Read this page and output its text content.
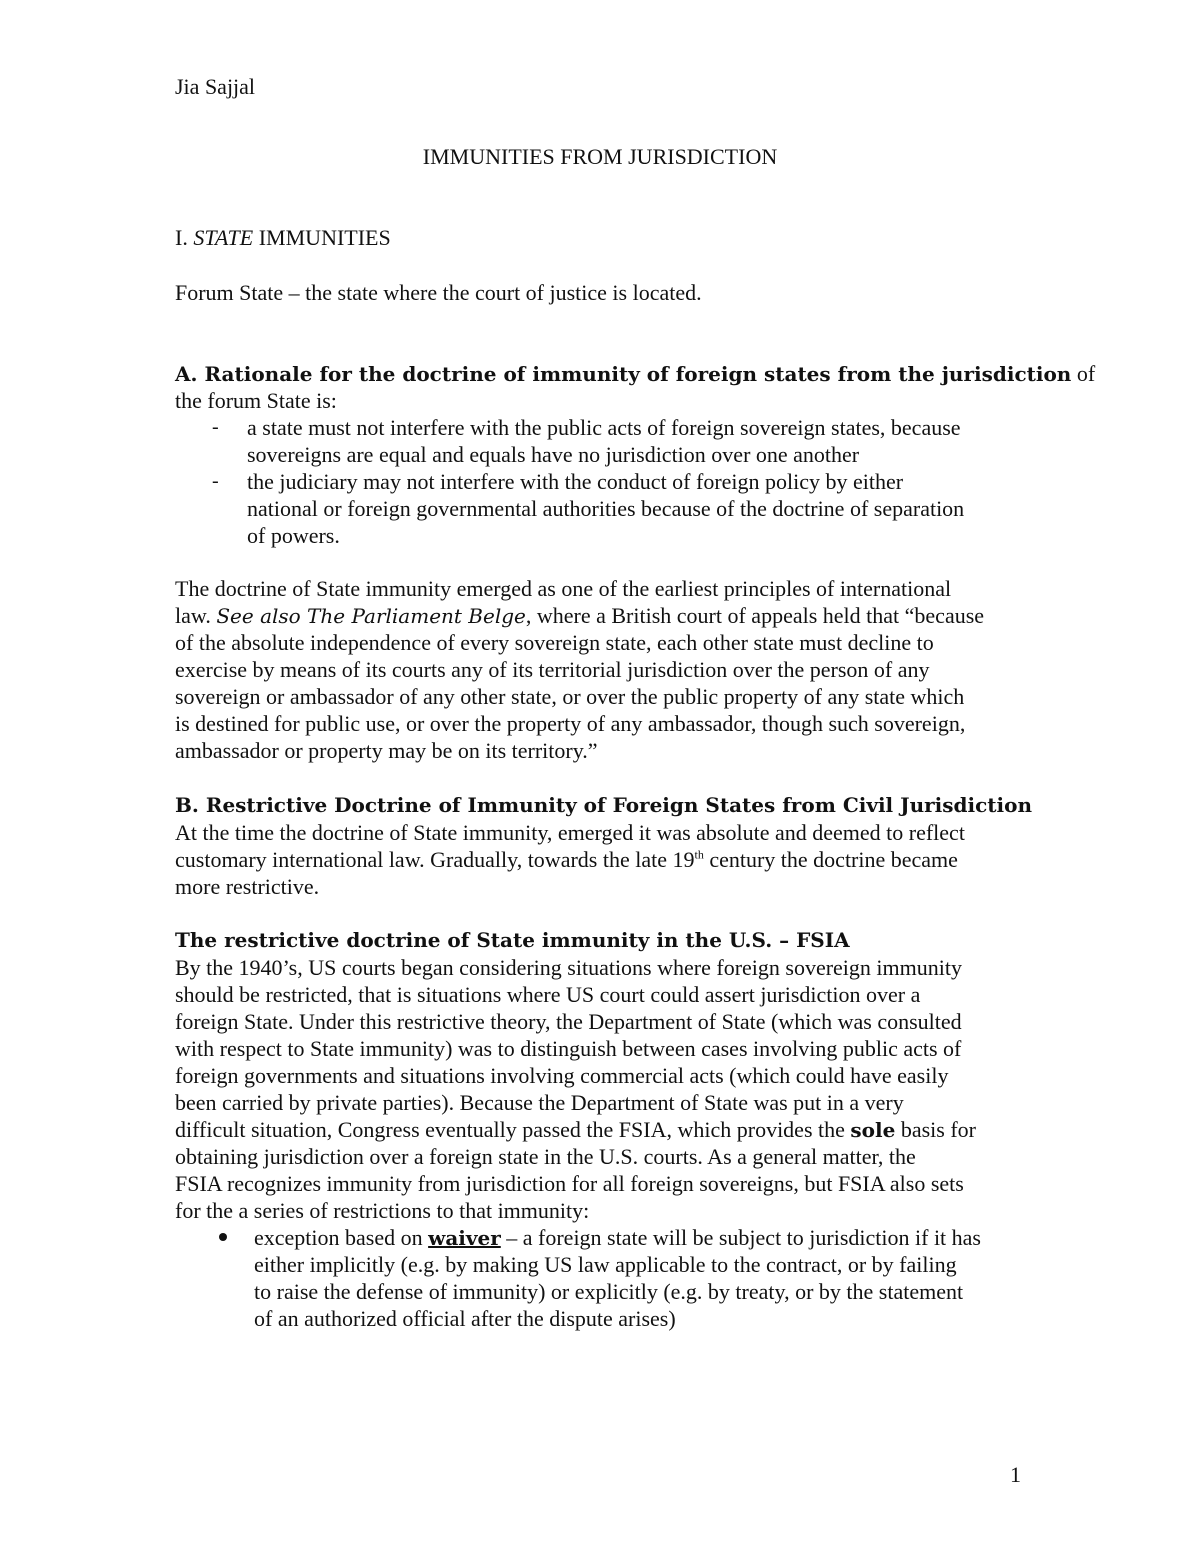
Jia Sajjal
IMMUNITIES FROM JURISDICTION
I. STATE IMMUNITIES
Forum State – the state where the court of justice is located.
A. Rationale for the doctrine of immunity of foreign states from the jurisdiction of
the forum State is:
- a state must not interfere with the public acts of foreign sovereign states, because
sovereigns are equal and equals have no jurisdiction over one another
- the judiciary may not interfere with the conduct of foreign policy by either
national or foreign governmental authorities because of the doctrine of separation
of powers.
The doctrine of State immunity emerged as one of the earliest principles of international
law. See also The Parliament Belge, where a British court of appeals held that “because
of the absolute independence of every sovereign state, each other state must decline to
exercise by means of its courts any of its territorial jurisdiction over the person of any
sovereign or ambassador of any other state, or over the public property of any state which
is destined for public use, or over the property of any ambassador, though such sovereign,
ambassador or property may be on its territory.”
B. Restrictive Doctrine of Immunity of Foreign States from Civil Jurisdiction
At the time the doctrine of State immunity, emerged it was absolute and deemed to reflect
customary international law. Gradually, towards the late 19th century the doctrine became
more restrictive.
The restrictive doctrine of State immunity in the U.S. – FSIA
By the 1940’s, US courts began considering situations where foreign sovereign immunity
should be restricted, that is situations where US court could assert jurisdiction over a
foreign State. Under this restrictive theory, the Department of State (which was consulted
with respect to State immunity) was to distinguish between cases involving public acts of
foreign governments and situations involving commercial acts (which could have easily
been carried by private parties). Because the Department of State was put in a very
difficult situation, Congress eventually passed the FSIA, which provides the sole basis for
obtaining jurisdiction over a foreign state in the U.S. courts. As a general matter, the
FSIA recognizes immunity from jurisdiction for all foreign sovereigns, but FSIA also sets
for the a series of restrictions to that immunity:
exception based on waiver – a foreign state will be subject to jurisdiction if it has
either implicitly (e.g. by making US law applicable to the contract, or by failing
to raise the defense of immunity) or explicitly (e.g. by treaty, or by the statement
of an authorized official after the dispute arises)
1
